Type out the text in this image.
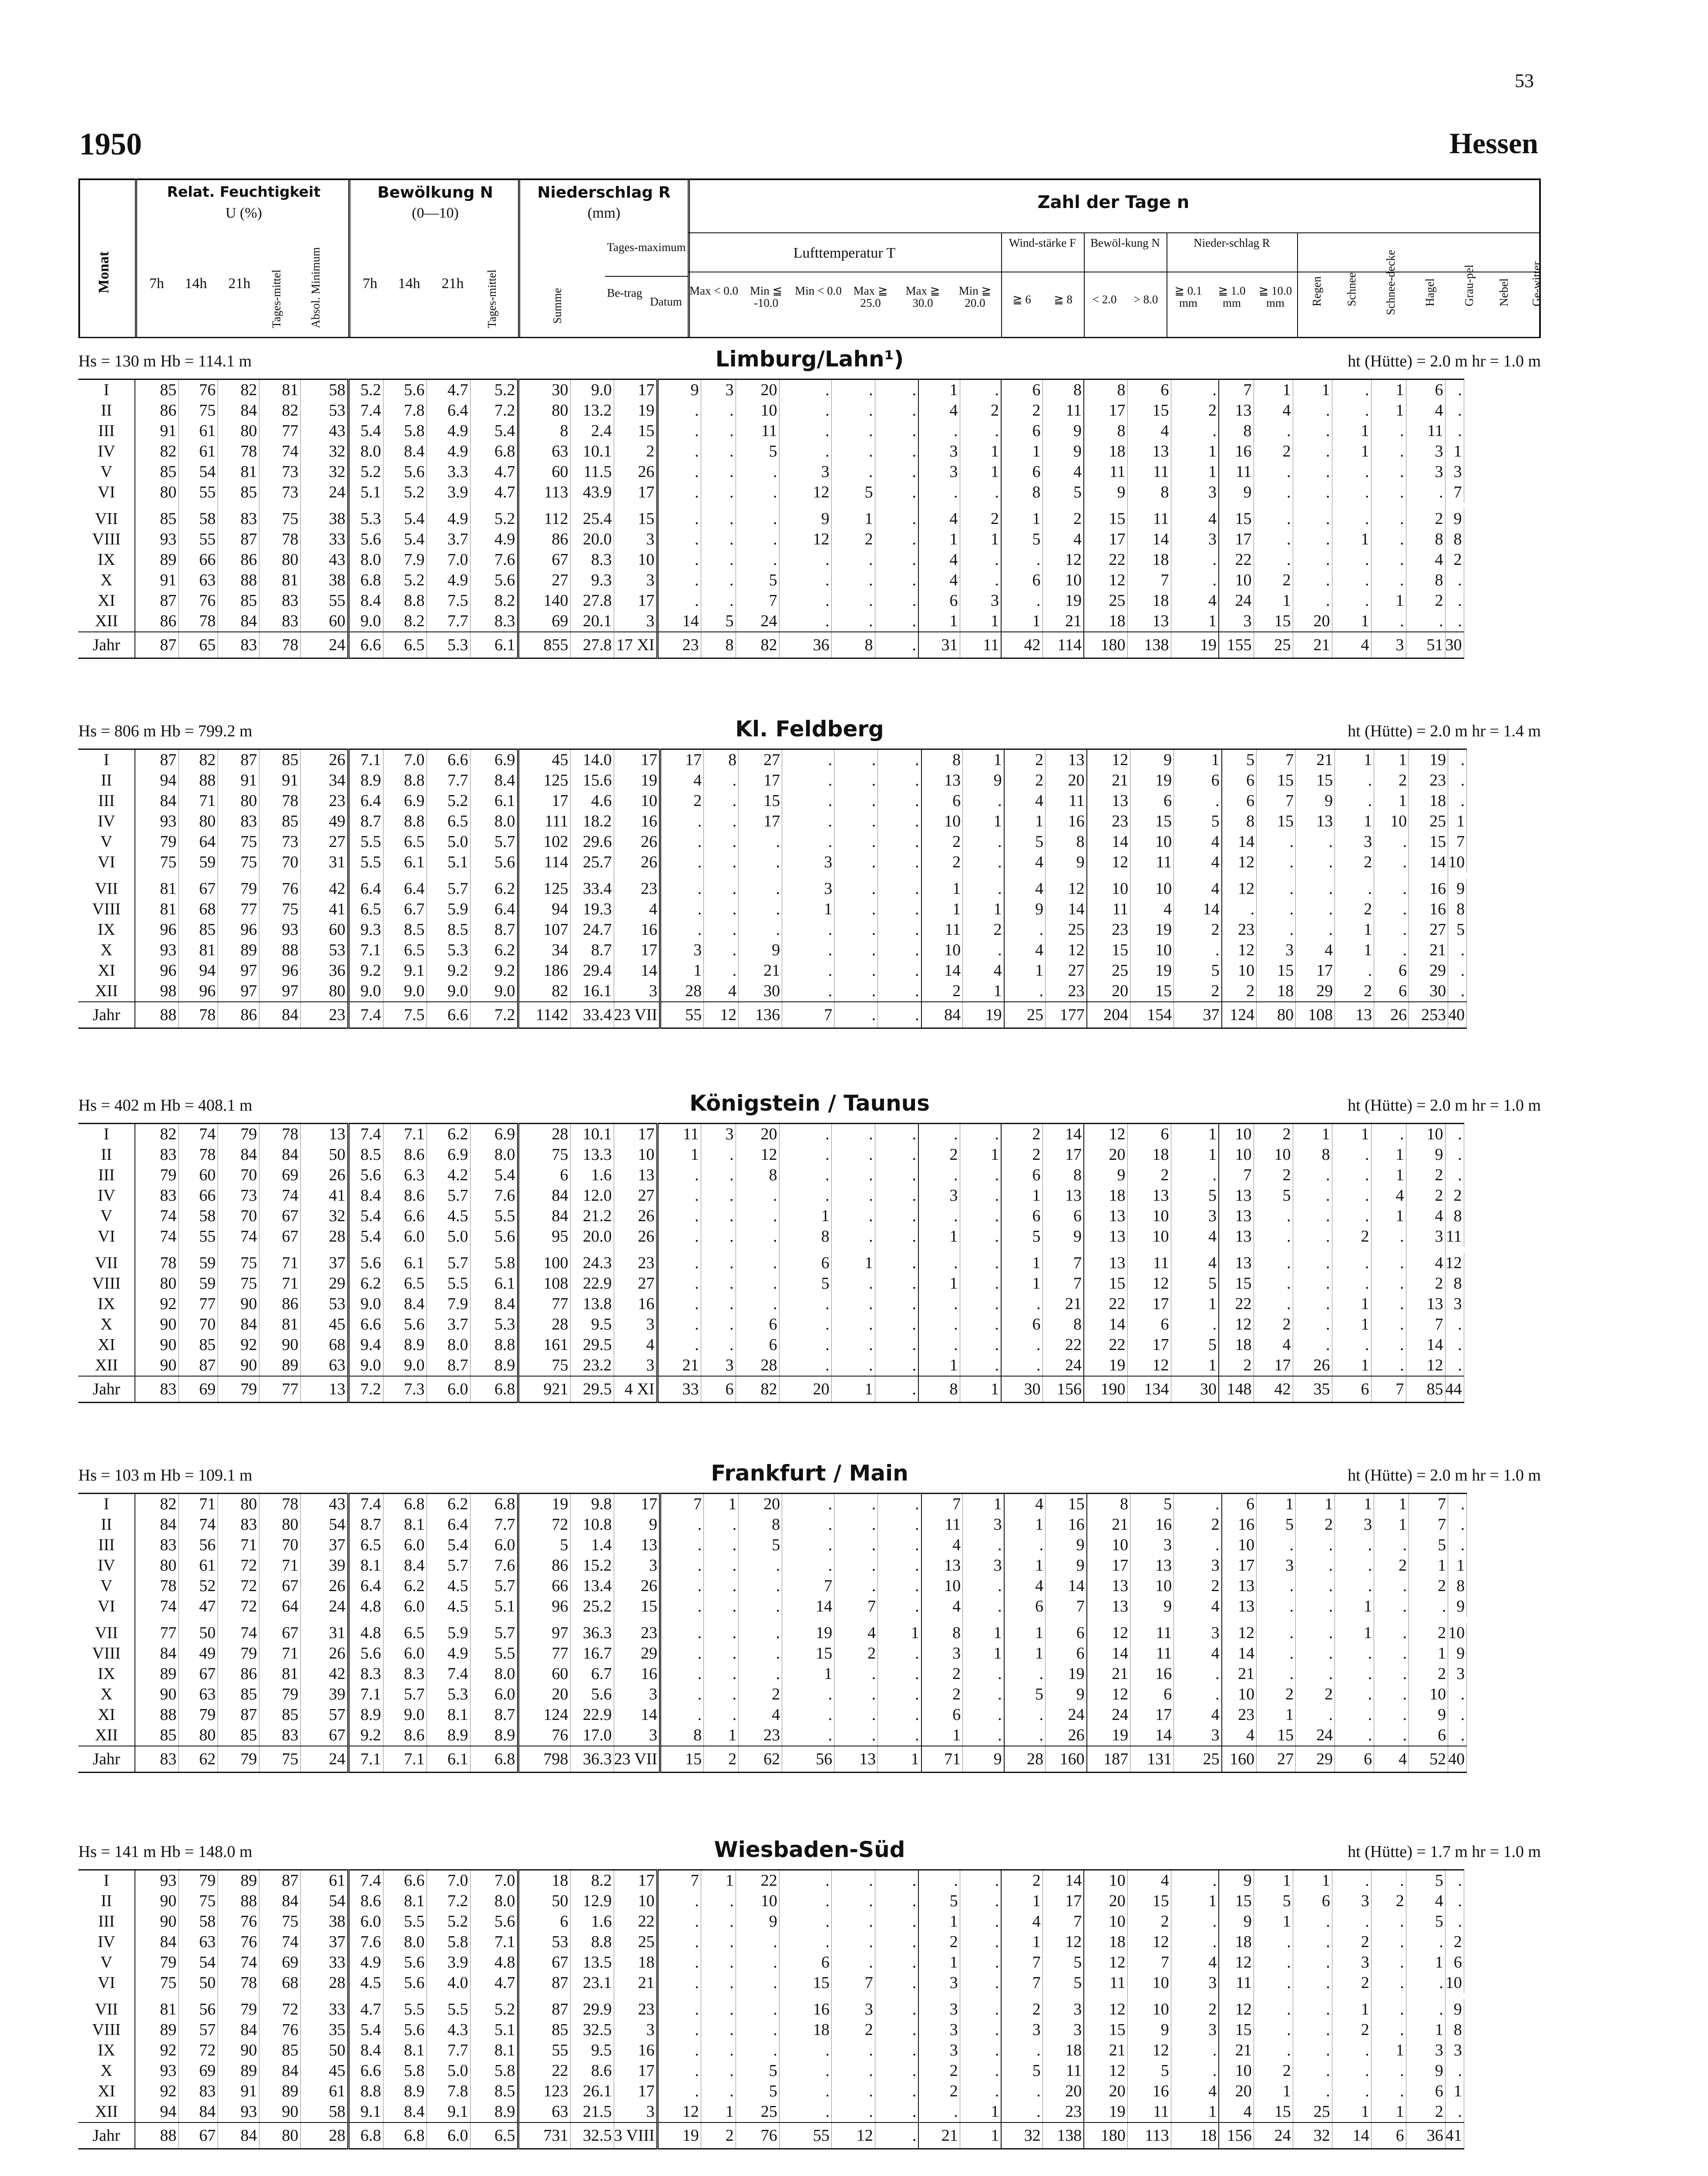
53
1950	Hessen
Monat
Relat. Feuchtigkeit
U (%)
7h	14h	21h	Tages-mittel Absol. Minimum
Bewölkung N
(0—10)
7h	14h	21h	Tages-mittel
Niederschlag R
(mm)
Summe
Tages-maximum
Be-trag
Datum
Zahl der Tage n
Lufttemperatur T
Wind-stärke F	Bewöl-kung N	Nieder-schlag R
Max < 0.0 Min ≦ -10.0
Min < 0.0 Max ≧ 25.0
Max ≧ 30.0
Min ≧ 20.0	≧ 6	≧ 8	< 2.0	> 8.0
≧ 0.1 mm
≧ 1.0 mm
≧ 10.0 mm	Regen Schnee Schnee-decke Hagel Grau-pel Nebel Ge-witter
Hs = 130 m Hb = 114.1 m	Limburg/Lahn¹)	ht (Hütte) = 2.0 m hr = 1.0 m
I	85	76	82	81	58	5.2	5.6	4.7	5.2	30	9.0	17	9	3	20	.	.	.	1	.	6	8	8	6	.	7	1	1	.	1	6	.
II	86	75	84	82	53	7.4	7.8	6.4	7.2	80	13.2	19	.	.	10	.	.	.	4	2	2	11	17	15	2	13	4	.	.	1	4	.
III	91	61	80	77	43	5.4	5.8	4.9	5.4	8	2.4	15	.	.	11	.	.	.	.	.	6	9	8	4	.	8	.	.	1	.	11	.
IV	82	61	78	74	32	8.0	8.4	4.9	6.8	63	10.1	2	.	.	5	.	.	.	3	1	1	9	18	13	1	16	2	.	1	.	3	1
V	85	54	81	73	32	5.2	5.6	3.3	4.7	60	11.5	26	.	.	.	3	.	.	3	1	6	4	11	11	1	11	.	.	.	.	3	3
VI	80	55	85	73	24	5.1	5.2	3.9	4.7	113	43.9	17	.	.	.	12	5	.	.	.	8	5	9	8	3	9	.	.	.	.	.	7

VII	85	58	83	75	38	5.3	5.4	4.9	5.2	112	25.4	15	.	.	.	9	1	.	4	2	1	2	15	11	4	15	.	.	.	.	2	9
VIII	93	55	87	78	33	5.6	5.4	3.7	4.9	86	20.0	3	.	.	.	12	2	.	1	1	5	4	17	14	3	17	.	.	1	.	8	8
IX	89	66	86	80	43	8.0	7.9	7.0	7.6	67	8.3	10	.	.	.	.	.	.	4	.	.	12	22	18	.	22	.	.	.	.	4	2
X	91	63	88	81	38	6.8	5.2	4.9	5.6	27	9.3	3	.	.	5	.	.	.	4	.	6	10	12	7	.	10	2	.	.	.	8	.
XI	87	76	85	83	55	8.4	8.8	7.5	8.2	140	27.8	17	.	.	7	.	.	.	6	3	.	19	25	18	4	24	1	.	.	1	2	.
XII	86	78	84	83	60	9.0	8.2	7.7	8.3	69	20.1	3	14	5	24	.	.	.	1	1	1	21	18	13	1	3	15	20	1	.	.	.
Jahr	87	65	83	78	24	6.6	6.5	5.3	6.1	855	27.8	17 XI	23	8	82	36	8	.	31	11	42	114	180	138	19	155	25	21	4	3	51	30
Hs = 806 m Hb = 799.2 m	Kl. Feldberg	ht (Hütte) = 2.0 m hr = 1.4 m
I	87	82	87	85	26	7.1	7.0	6.6	6.9	45	14.0	17	17	8	27	.	.	.	8	1	2	13	12	9	1	5	7	21	1	1	19	.
II	94	88	91	91	34	8.9	8.8	7.7	8.4	125	15.6	19	4	.	17	.	.	.	13	9	2	20	21	19	6	6	15	15	.	2	23	.
III	84	71	80	78	23	6.4	6.9	5.2	6.1	17	4.6	10	2	.	15	.	.	.	6	.	4	11	13	6	.	6	7	9	.	1	18	.
IV	93	80	83	85	49	8.7	8.8	6.5	8.0	111	18.2	16	.	.	17	.	.	.	10	1	1	16	23	15	5	8	15	13	1	10	25	1
V	79	64	75	73	27	5.5	6.5	5.0	5.7	102	29.6	26	.	.	.	.	.	.	2	.	5	8	14	10	4	14	.	.	3	.	15	7
VI	75	59	75	70	31	5.5	6.1	5.1	5.6	114	25.7	26	.	.	.	3	.	.	2	.	4	9	12	11	4	12	.	.	2	.	14	10

VII	81	67	79	76	42	6.4	6.4	5.7	6.2	125	33.4	23	.	.	.	3	.	.	1	.	4	12	10	10	4	12	.	.	.	.	16	9
VIII	81	68	77	75	41	6.5	6.7	5.9	6.4	94	19.3	4	.	.	.	1	.	.	1	1	9	14	11	4	14	.	.	.	2	.	16	8
IX	96	85	96	93	60	9.3	8.5	8.5	8.7	107	24.7	16	.	.	.	.	.	.	11	2	.	25	23	19	2	23	.	.	1	.	27	5
X	93	81	89	88	53	7.1	6.5	5.3	6.2	34	8.7	17	3	.	9	.	.	.	10	.	4	12	15	10	.	12	3	4	1	.	21	.
XI	96	94	97	96	36	9.2	9.1	9.2	9.2	186	29.4	14	1	.	21	.	.	.	14	4	1	27	25	19	5	10	15	17	.	6	29	.
XII	98	96	97	97	80	9.0	9.0	9.0	9.0	82	16.1	3	28	4	30	.	.	.	2	1	.	23	20	15	2	2	18	29	2	6	30	.
Jahr	88	78	86	84	23	7.4	7.5	6.6	7.2	1142	33.4	23 VII	55	12	136	7	.	.	84	19	25	177	204	154	37	124	80	108	13	26	253	40
Hs = 402 m Hb = 408.1 m	Königstein / Taunus	ht (Hütte) = 2.0 m hr = 1.0 m
I	82	74	79	78	13	7.4	7.1	6.2	6.9	28	10.1	17	11	3	20	.	.	.	.	.	2	14	12	6	1	10	2	1	1	.	10	.
II	83	78	84	84	50	8.5	8.6	6.9	8.0	75	13.3	10	1	.	12	.	.	.	2	1	2	17	20	18	1	10	10	8	.	1	9	.
III	79	60	70	69	26	5.6	6.3	4.2	5.4	6	1.6	13	.	.	8	.	.	.	.	.	6	8	9	2	.	7	2	.	.	1	2	.
IV	83	66	73	74	41	8.4	8.6	5.7	7.6	84	12.0	27	.	.	.	.	.	.	3	.	1	13	18	13	5	13	5	.	.	4	2	2
V	74	58	70	67	32	5.4	6.6	4.5	5.5	84	21.2	26	.	.	.	1	.	.	.	.	6	6	13	10	3	13	.	.	.	1	4	8
VI	74	55	74	67	28	5.4	6.0	5.0	5.6	95	20.0	26	.	.	.	8	.	.	1	.	5	9	13	10	4	13	.	.	2	.	3	11

VII	78	59	75	71	37	5.6	6.1	5.7	5.8	100	24.3	23	.	.	.	6	1	.	.	.	1	7	13	11	4	13	.	.	.	.	4	12
VIII	80	59	75	71	29	6.2	6.5	5.5	6.1	108	22.9	27	.	.	.	5	.	.	1	.	1	7	15	12	5	15	.	.	.	.	2	8
IX	92	77	90	86	53	9.0	8.4	7.9	8.4	77	13.8	16	.	.	.	.	.	.	.	.	.	21	22	17	1	22	.	.	1	.	13	3
X	90	70	84	81	45	6.6	5.6	3.7	5.3	28	9.5	3	.	.	6	.	.	.	.	.	6	8	14	6	.	12	2	.	1	.	7	.
XI	90	85	92	90	68	9.4	8.9	8.0	8.8	161	29.5	4	.	.	6	.	.	.	.	.	.	22	22	17	5	18	4	.	.	.	14	.
XII	90	87	90	89	63	9.0	9.0	8.7	8.9	75	23.2	3	21	3	28	.	.	.	1	.	.	24	19	12	1	2	17	26	1	.	12	.
Jahr	83	69	79	77	13	7.2	7.3	6.0	6.8	921	29.5	4 XI	33	6	82	20	1	.	8	1	30	156	190	134	30	148	42	35	6	7	85	44
Hs = 103 m Hb = 109.1 m	Frankfurt / Main	ht (Hütte) = 2.0 m hr = 1.0 m
I	82	71	80	78	43	7.4	6.8	6.2	6.8	19	9.8	17	7	1	20	.	.	.	7	1	4	15	8	5	.	6	1	1	1	1	7	.
II	84	74	83	80	54	8.7	8.1	6.4	7.7	72	10.8	9	.	.	8	.	.	.	11	3	1	16	21	16	2	16	5	2	3	1	7	.
III	83	56	71	70	37	6.5	6.0	5.4	6.0	5	1.4	13	.	.	5	.	.	.	4	.	.	9	10	3	.	10	.	.	.	.	5	.
IV	80	61	72	71	39	8.1	8.4	5.7	7.6	86	15.2	3	.	.	.	.	.	.	13	3	1	9	17	13	3	17	3	.	.	2	1	1
V	78	52	72	67	26	6.4	6.2	4.5	5.7	66	13.4	26	.	.	.	7	.	.	10	.	4	14	13	10	2	13	.	.	.	.	2	8
VI	74	47	72	64	24	4.8	6.0	4.5	5.1	96	25.2	15	.	.	.	14	7	.	4	.	6	7	13	9	4	13	.	.	1	.	.	9

VII	77	50	74	67	31	4.8	6.5	5.9	5.7	97	36.3	23	.	.	.	19	4	1	8	1	1	6	12	11	3	12	.	.	1	.	2	10
VIII	84	49	79	71	26	5.6	6.0	4.9	5.5	77	16.7	29	.	.	.	15	2	.	3	1	1	6	14	11	4	14	.	.	.	.	1	9
IX	89	67	86	81	42	8.3	8.3	7.4	8.0	60	6.7	16	.	.	.	1	.	.	2	.	.	19	21	16	.	21	.	.	.	.	2	3
X	90	63	85	79	39	7.1	5.7	5.3	6.0	20	5.6	3	.	.	2	.	.	.	2	.	5	9	12	6	.	10	2	2	.	.	10	.
XI	88	79	87	85	57	8.9	9.0	8.1	8.7	124	22.9	14	.	.	4	.	.	.	6	.	.	24	24	17	4	23	1	.	.	.	9	.
XII	85	80	85	83	67	9.2	8.6	8.9	8.9	76	17.0	3	8	1	23	.	.	.	1	.	.	26	19	14	3	4	15	24	.	.	6	.
Jahr	83	62	79	75	24	7.1	7.1	6.1	6.8	798	36.3	23 VII	15	2	62	56	13	1	71	9	28	160	187	131	25	160	27	29	6	4	52	40
Hs = 141 m Hb = 148.0 m	Wiesbaden-Süd	ht (Hütte) = 1.7 m hr = 1.0 m
I	93	79	89	87	61	7.4	6.6	7.0	7.0	18	8.2	17	7	1	22	.	.	.	.	.	2	14	10	4	.	9	1	1	.	.	5	.
II	90	75	88	84	54	8.6	8.1	7.2	8.0	50	12.9	10	.	.	10	.	.	.	5	.	1	17	20	15	1	15	5	6	3	2	4	.
III	90	58	76	75	38	6.0	5.5	5.2	5.6	6	1.6	22	.	.	9	.	.	.	1	.	4	7	10	2	.	9	1	.	.	.	5	.
IV	84	63	76	74	37	7.6	8.0	5.8	7.1	53	8.8	25	.	.	.	.	.	.	2	.	1	12	18	12	.	18	.	.	2	.	.	2
V	79	54	74	69	33	4.9	5.6	3.9	4.8	67	13.5	18	.	.	.	6	.	.	1	.	7	5	12	7	4	12	.	.	3	.	1	6
VI	75	50	78	68	28	4.5	5.6	4.0	4.7	87	23.1	21	.	.	.	15	7	.	3	.	7	5	11	10	3	11	.	.	2	.	.	10

VII	81	56	79	72	33	4.7	5.5	5.5	5.2	87	29.9	23	.	.	.	16	3	.	3	.	2	3	12	10	2	12	.	.	1	.	.	9
VIII	89	57	84	76	35	5.4	5.6	4.3	5.1	85	32.5	3	.	.	.	18	2	.	3	.	3	3	15	9	3	15	.	.	2	.	1	8
IX	92	72	90	85	50	8.4	8.1	7.7	8.1	55	9.5	16	.	.	.	.	.	.	3	.	.	18	21	12	.	21	.	.	.	1	3	3
X	93	69	89	84	45	6.6	5.8	5.0	5.8	22	8.6	17	.	.	5	.	.	.	2	.	5	11	12	5	.	10	2	.	.	.	9	.
XI	92	83	91	89	61	8.8	8.9	7.8	8.5	123	26.1	17	.	.	5	.	.	.	2	.	.	20	20	16	4	20	1	.	.	.	6	1
XII	94	84	93	90	58	9.1	8.4	9.1	8.9	63	21.5	3	12	1	25	.	.	.	.	1	.	23	19	11	1	4	15	25	1	1	2	.
Jahr	88	67	84	80	28	6.8	6.8	6.0	6.5	731	32.5	3 VIII	19	2	76	55	12	.	21	1	32	138	180	113	18	156	24	32	14	6	36	41
